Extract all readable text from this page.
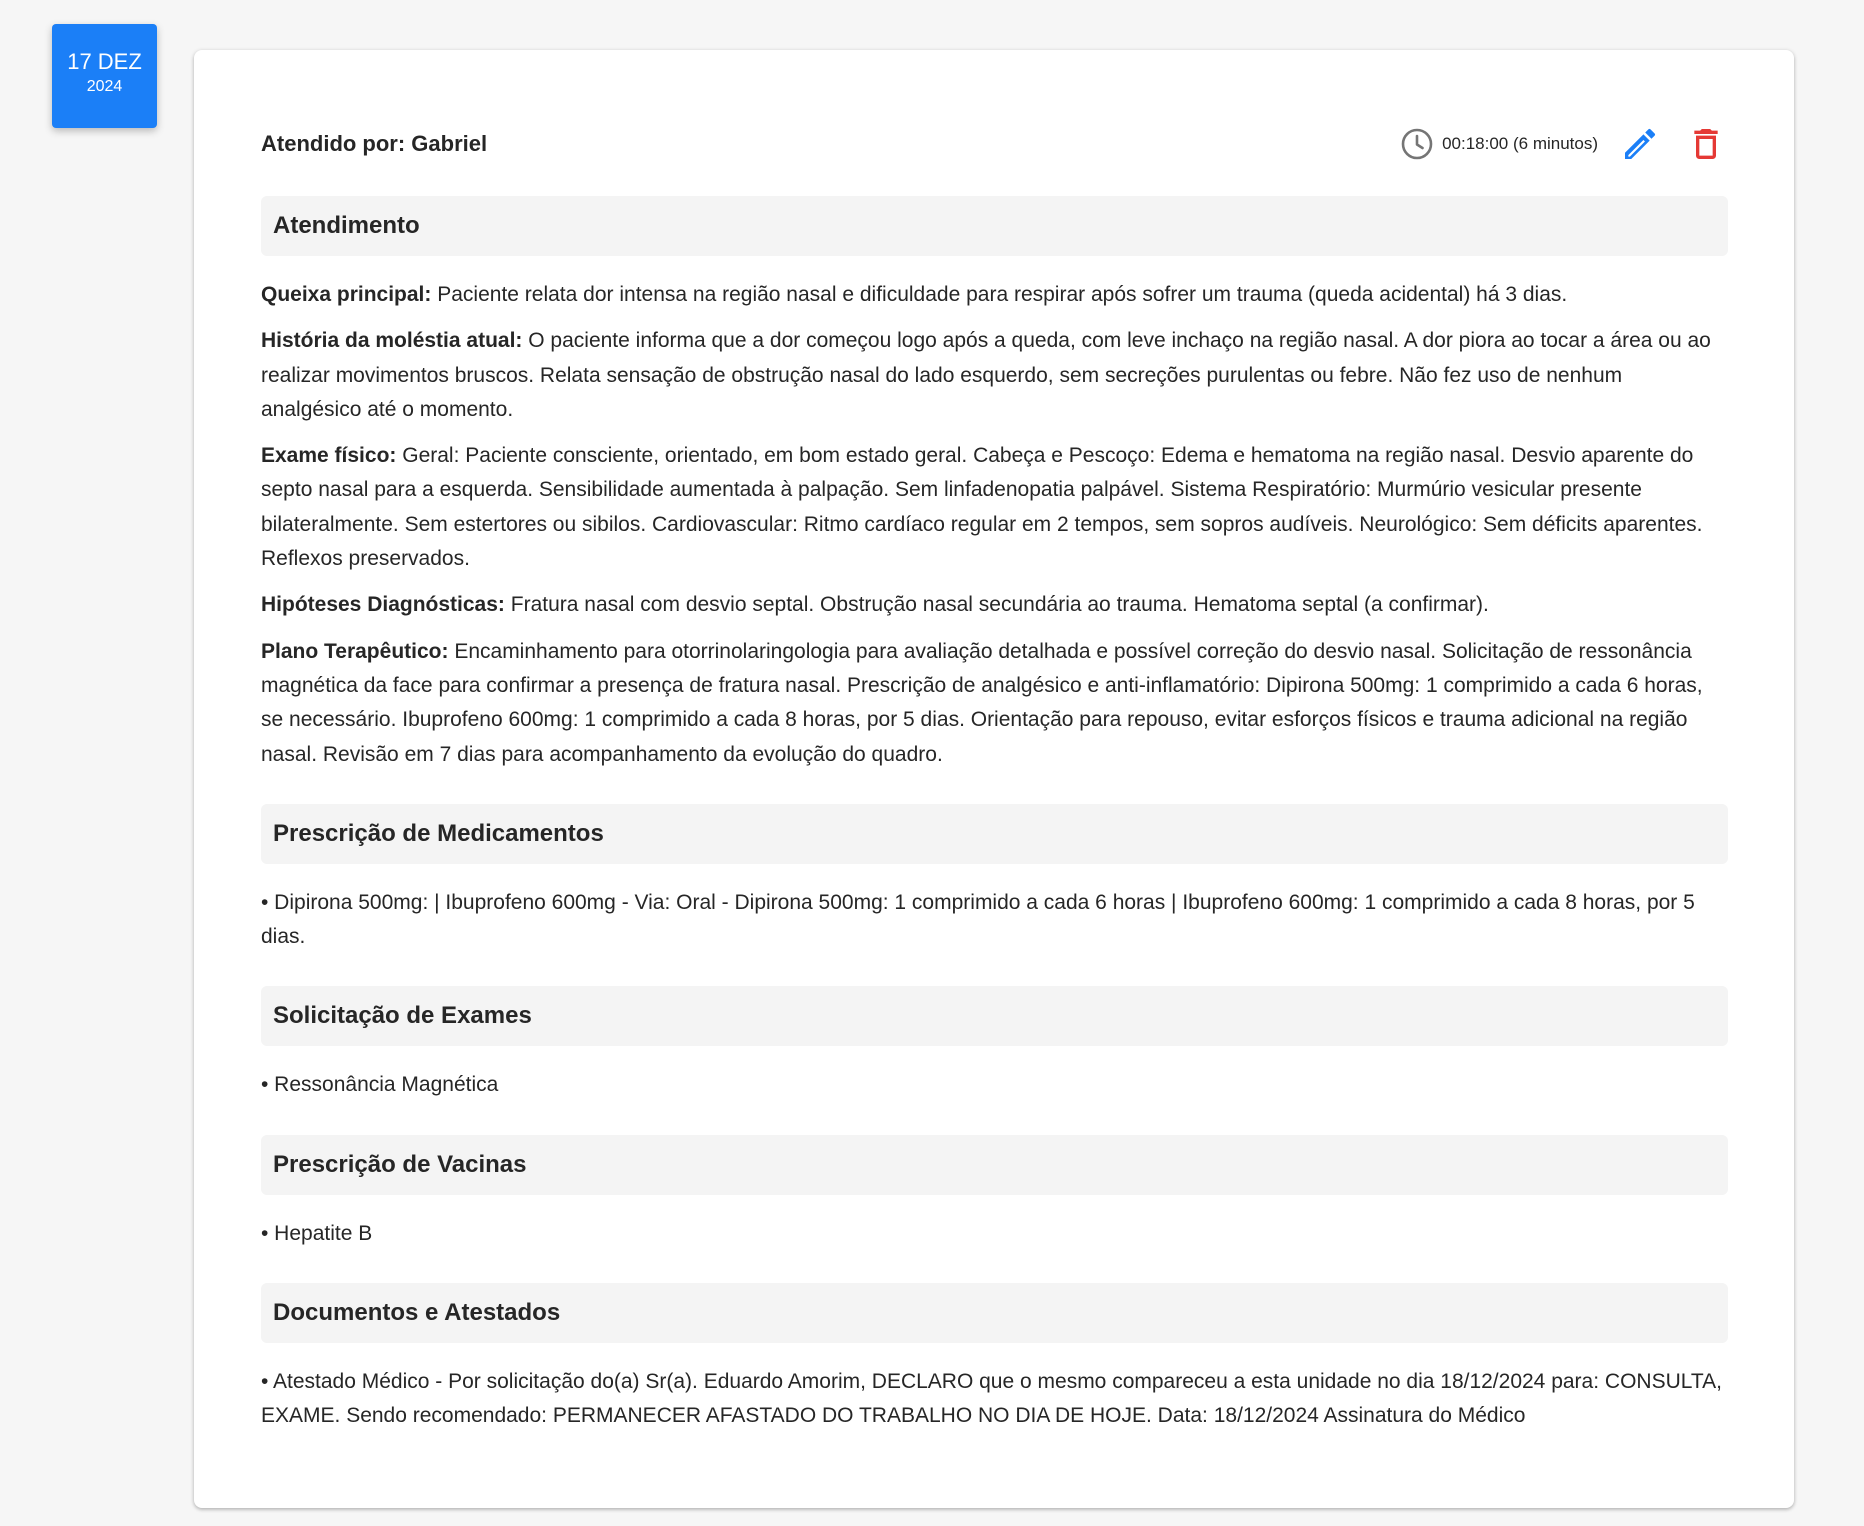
17 DEZ
2024
Atendido por: Gabriel	00:18:00 (6 minutos)
Atendimento

Queixa principal: Paciente relata dor intensa na região nasal e dificuldade para respirar após sofrer um trauma (queda acidental) há 3 dias.

História da moléstia atual: O paciente informa que a dor começou logo após a queda, com leve inchaço na região nasal. A dor piora ao tocar a área ou ao realizar movimentos bruscos. Relata sensação de obstrução nasal do lado esquerdo, sem secreções purulentas ou febre. Não fez uso de nenhum analgésico até o momento.

Exame físico: Geral: Paciente consciente, orientado, em bom estado geral. Cabeça e Pescoço: Edema e hematoma na região nasal. Desvio aparente do septo nasal para a esquerda. Sensibilidade aumentada à palpação. Sem linfadenopatia palpável. Sistema Respiratório: Murmúrio vesicular presente bilateralmente. Sem estertores ou sibilos. Cardiovascular: Ritmo cardíaco regular em 2 tempos, sem sopros audíveis. Neurológico: Sem déficits aparentes. Reflexos preservados.

Hipóteses Diagnósticas: Fratura nasal com desvio septal. Obstrução nasal secundária ao trauma. Hematoma septal (a confirmar).

Plano Terapêutico: Encaminhamento para otorrinolaringologia para avaliação detalhada e possível correção do desvio nasal. Solicitação de ressonância magnética da face para confirmar a presença de fratura nasal. Prescrição de analgésico e anti-inflamatório: Dipirona 500mg: 1 comprimido a cada 6 horas, se necessário. Ibuprofeno 600mg: 1 comprimido a cada 8 horas, por 5 dias. Orientação para repouso, evitar esforços físicos e trauma adicional na região nasal. Revisão em 7 dias para acompanhamento da evolução do quadro.

Prescrição de Medicamentos

• Dipirona 500mg: | Ibuprofeno 600mg - Via: Oral - Dipirona 500mg: 1 comprimido a cada 6 horas | Ibuprofeno 600mg: 1 comprimido a cada 8 horas, por 5 dias.

Solicitação de Exames

• Ressonância Magnética

Prescrição de Vacinas

• Hepatite B

Documentos e Atestados

• Atestado Médico - Por solicitação do(a) Sr(a). Eduardo Amorim, DECLARO que o mesmo compareceu a esta unidade no dia 18/12/2024 para: CONSULTA, EXAME. Sendo recomendado: PERMANECER AFASTADO DO TRABALHO NO DIA DE HOJE. Data: 18/12/2024 Assinatura do Médico
